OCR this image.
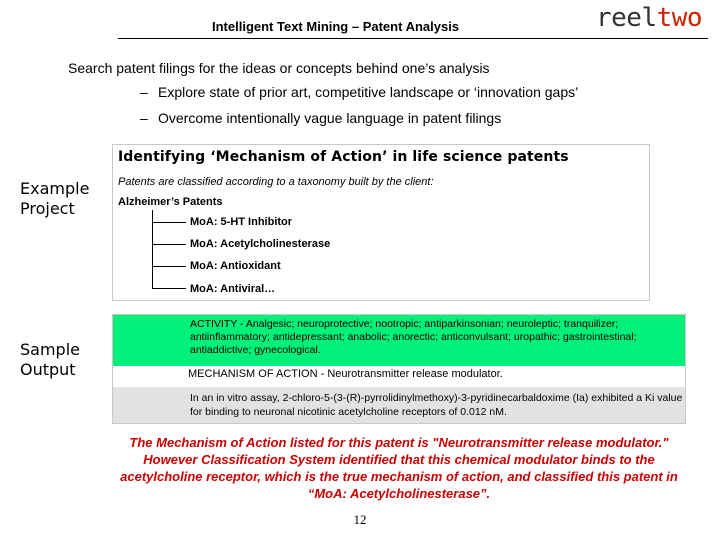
Intelligent Text Mining – Patent Analysis	reeltwo
Search patent filings for the ideas or concepts behind one’s analysis
– Explore state of prior art, competitive landscape or ‘innovation gaps’
– Overcome intentionally vague language in patent filings
Identifying ‘Mechanism of Action’ in life science patents
Example Project
Patents are classified according to a taxonomy built by the client:
Alzheimer’s Patents
MoA: 5-HT Inhibitor
MoA: Acetylcholinesterase
MoA: Antioxidant
MoA: Antiviral…
Sample Output
ACTIVITY - Analgesic; neuroprotective; nootropic; antiparkinsonian; neuroleptic; tranquilizer; antiinflammatory; antidepressant; anabolic; anorectic; anticonvulsant; uropathic; gastrointestinal; antiaddictive; gynecological.
MECHANISM OF ACTION - Neurotransmitter release modulator.
In an in vitro assay, 2-chloro-5-(3-(R)-pyrrolidinylmethoxy)-3-pyridinecarbaldoxime (Ia) exhibited a Ki value for binding to neuronal nicotinic acetylcholine receptors of 0.012 nM.
The Mechanism of Action listed for this patent is "Neurotransmitter release modulator." However Classification System identified that this chemical modulator binds to the acetylcholine receptor, which is the true mechanism of action, and classified this patent in “MoA: Acetylcholinesterase”.
12
